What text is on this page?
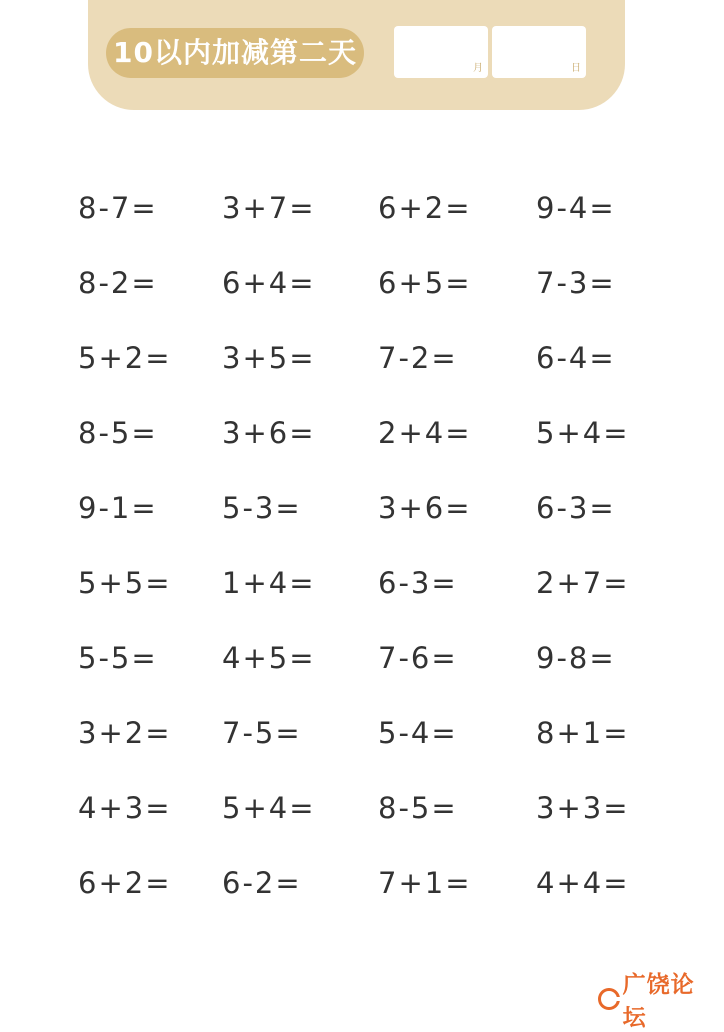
10以内加减第二天	月	日
8-7= 3+7= 6+2= 9-4=
8-2= 6+4= 6+5= 7-3=
5+2= 3+5= 7-2=	6-4=
8-5= 3+6= 2+4= 5+4=
9-1= 5-3=	3+6= 6-3=
5+5= 1+4= 6-3=	2+7=
5-5= 4+5= 7-6=	9-8=
3+2= 7-5=	5-4=	8+1=
4+3= 5+4= 8-5=	3+3=
6+2= 6-2=	7+1= 4+4=
广饶论坛
